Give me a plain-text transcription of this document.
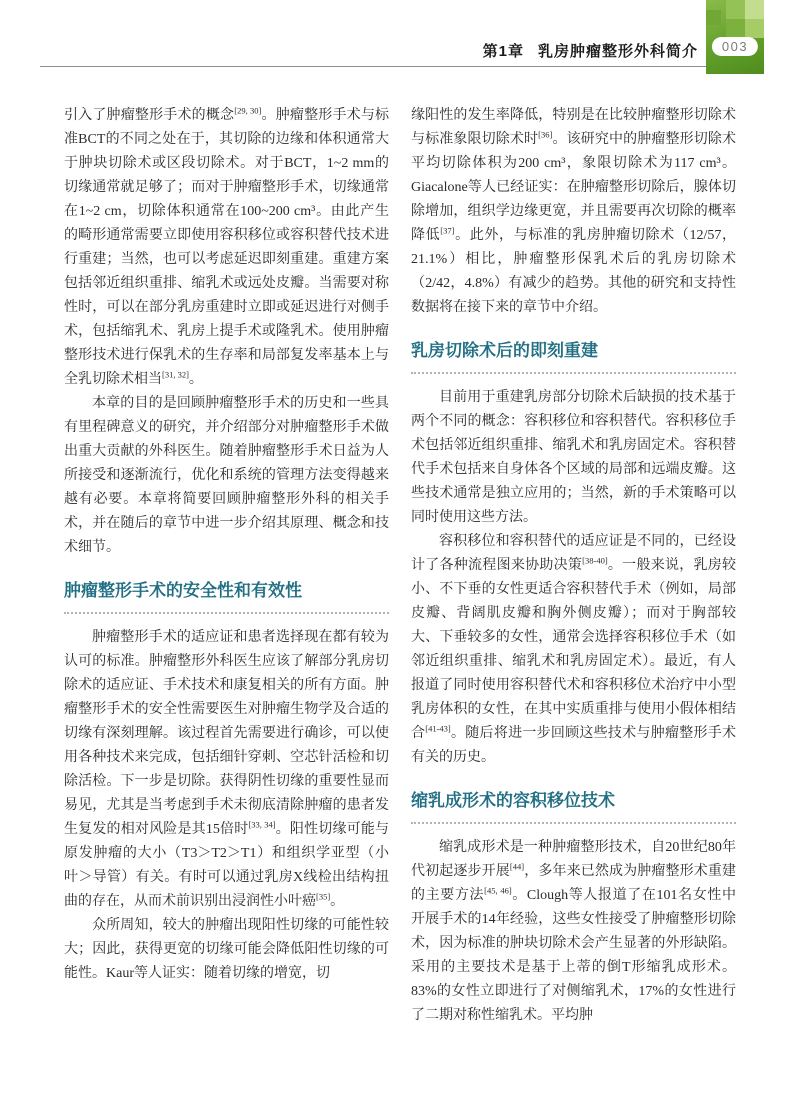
第1章 乳房肿瘤整形外科简介	003

引入了肿瘤整形手术的概念[29, 30]。肿瘤整形手术与标准BCT的不同之处在于，其切除的边缘和体积通常大于肿块切除术或区段切除术。对于BCT，1~2 mm的切缘通常就足够了；而对于肿瘤整形手术，切缘通常在1~2 cm，切除体积通常在100~200 cm³。由此产生的畸形通常需要立即使用容积移位或容积替代技术进行重建；当然，也可以考虑延迟即刻重建。重建方案包括邻近组织重排、缩乳术或远处皮瓣。当需要对称性时，可以在部分乳房重建时立即或延迟进行对侧手术，包括缩乳术、乳房上提手术或隆乳术。使用肿瘤整形技术进行保乳术的生存率和局部复发率基本上与全乳切除术相当[31, 32]。

本章的目的是回顾肿瘤整形手术的历史和一些具有里程碑意义的研究，并介绍部分对肿瘤整形手术做出重大贡献的外科医生。随着肿瘤整形手术日益为人所接受和逐渐流行，优化和系统的管理方法变得越来越有必要。本章将简要回顾肿瘤整形外科的相关手术，并在随后的章节中进一步介绍其原理、概念和技术细节。

肿瘤整形手术的安全性和有效性

肿瘤整形手术的适应证和患者选择现在都有较为认可的标准。肿瘤整形外科医生应该了解部分乳房切除术的适应证、手术技术和康复相关的所有方面。肿瘤整形手术的安全性需要医生对肿瘤生物学及合适的切缘有深刻理解。该过程首先需要进行确诊，可以使用各种技术来完成，包括细针穿刺、空芯针活检和切除活检。下一步是切除。获得阴性切缘的重要性显而易见，尤其是当考虑到手术未彻底清除肿瘤的患者发生复发的相对风险是其15倍时[33, 34]。阳性切缘可能与原发肿瘤的大小（T3＞T2＞T1）和组织学亚型（小叶＞导管）有关。有时可以通过乳房X线检出结构扭曲的存在，从而术前识别出浸润性小叶癌[35]。

众所周知，较大的肿瘤出现阳性切缘的可能性较大；因此，获得更宽的切缘可能会降低阳性切缘的可能性。Kaur等人证实：随着切缘的增宽，切

缘阳性的发生率降低，特别是在比较肿瘤整形切除术与标准象限切除术时[36]。该研究中的肿瘤整形切除术平均切除体积为200 cm³，象限切除术为117 cm³。Giacalone等人已经证实：在肿瘤整形切除后，腺体切除增加，组织学边缘更宽，并且需要再次切除的概率降低[37]。此外，与标准的乳房肿瘤切除术（12/57，21.1%）相比，肿瘤整形保乳术后的乳房切除术（2/42，4.8%）有减少的趋势。其他的研究和支持性数据将在接下来的章节中介绍。

乳房切除术后的即刻重建

目前用于重建乳房部分切除术后缺损的技术基于两个不同的概念：容积移位和容积替代。容积移位手术包括邻近组织重排、缩乳术和乳房固定术。容积替代手术包括来自身体各个区域的局部和远端皮瓣。这些技术通常是独立应用的；当然，新的手术策略可以同时使用这些方法。

容积移位和容积替代的适应证是不同的，已经设计了各种流程图来协助决策[38-40]。一般来说，乳房较小、不下垂的女性更适合容积替代手术（例如，局部皮瓣、背阔肌皮瓣和胸外侧皮瓣）；而对于胸部较大、下垂较多的女性，通常会选择容积移位手术（如邻近组织重排、缩乳术和乳房固定术）。最近，有人报道了同时使用容积替代术和容积移位术治疗中小型乳房体积的女性，在其中实质重排与使用小假体相结合[41-43]。随后将进一步回顾这些技术与肿瘤整形手术有关的历史。

缩乳成形术的容积移位技术

缩乳成形术是一种肿瘤整形技术，自20世纪80年代初起逐步开展[44]，多年来已然成为肿瘤整形术重建的主要方法[45, 46]。Clough等人报道了在101名女性中开展手术的14年经验，这些女性接受了肿瘤整形切除术，因为标准的肿块切除术会产生显著的外形缺陷。采用的主要技术是基于上蒂的倒T形缩乳成形术。83%的女性立即进行了对侧缩乳术，17%的女性进行了二期对称性缩乳术。平均肿
